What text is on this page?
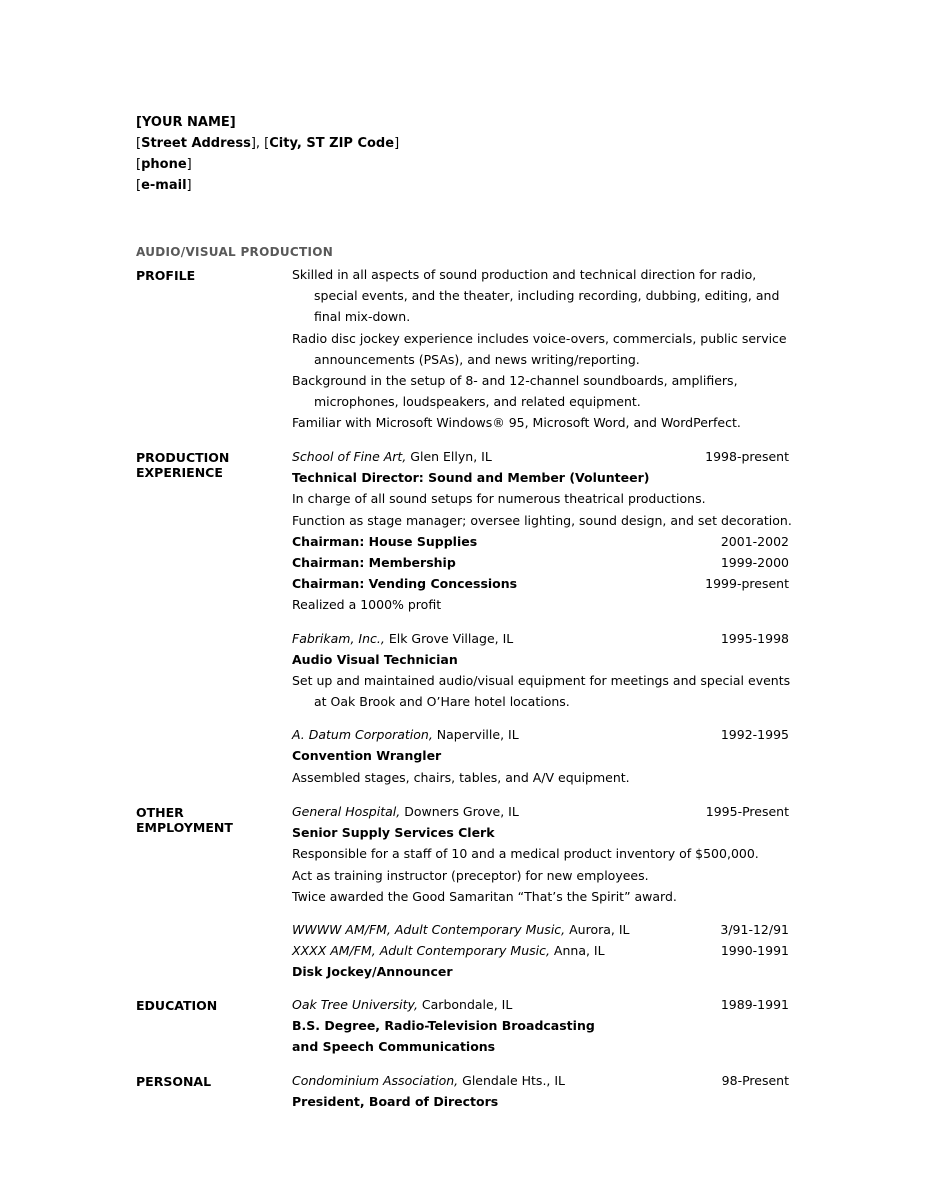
[YOUR NAME]
[Street Address], [City, ST ZIP Code]
[phone]
[e-mail]
AUDIO/VISUAL PRODUCTION
PROFILE	Skilled in all aspects of sound production and technical direction for radio,
special events, and the theater, including recording, dubbing, editing, and
final mix-down.
Radio disc jockey experience includes voice-overs, commercials, public service
announcements (PSAs), and news writing/reporting.
Background in the setup of 8- and 12-channel soundboards, amplifiers,
microphones, loudspeakers, and related equipment.
Familiar with Microsoft Windows® 95, Microsoft Word, and WordPerfect.
PRODUCTION
EXPERIENCE
School of Fine Art, Glen Ellyn, IL	1998-present
Technical Director: Sound and Member (Volunteer)
In charge of all sound setups for numerous theatrical productions.
Function as stage manager; oversee lighting, sound design, and set decoration.
Chairman: House Supplies	2001-2002
Chairman: Membership	1999-2000
Chairman: Vending Concessions	1999-present
Realized a 1000% profit
Fabrikam, Inc., Elk Grove Village, IL	1995-1998
Audio Visual Technician
Set up and maintained audio/visual equipment for meetings and special events
at Oak Brook and O’Hare hotel locations.
A. Datum Corporation, Naperville, IL	1992-1995
Convention Wrangler
Assembled stages, chairs, tables, and A/V equipment.
OTHER
EMPLOYMENT
General Hospital, Downers Grove, IL	1995-Present
Senior Supply Services Clerk
Responsible for a staff of 10 and a medical product inventory of $500,000.
Act as training instructor (preceptor) for new employees.
Twice awarded the Good Samaritan “That’s the Spirit” award.
WWWW AM/FM, Adult Contemporary Music, Aurora, IL	3/91-12/91
XXXX AM/FM, Adult Contemporary Music, Anna, IL	1990-1991
Disk Jockey/Announcer
EDUCATION	Oak Tree University, Carbondale, IL	1989-1991
B.S. Degree, Radio-Television Broadcasting
and Speech Communications
PERSONAL	Condominium Association, Glendale Hts., IL	98-Present
President, Board of Directors
